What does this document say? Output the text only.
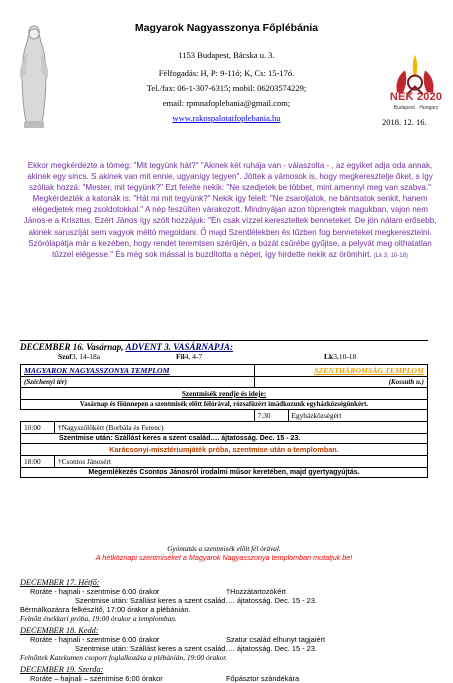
Magyarok Nagyasszonya Főplébánia
1153 Budapest, Bácska u. 3.
Félfogadás: H, P: 9-11ó; K, Cs: 15-17ó.
Tel./fax: 06-1-307-6315; mobil: 06203574229;
email: rpmnafoplebania@gmail.com;
www.rakospalotaifoplebania.hu
NEK 2020
Budapest · Hungary
2018. 12. 16.
Ekkor megkérdezte a tömeg: "Mit tegyünk hát?" "Akinek két ruhája van - válaszolta - , az egyiket adja oda annak, akinek egy sincs. S akinek van mit ennie, ugyanígy tegyen". Jöttek a vámosok is, hogy megkeresztelje őket, s így szóltak hozzá: "Mester, mit tegyünk?" Ezt felelte nekik: "Ne szedjetek be többet, mint amennyi meg van szabva." Megkérdezték a katonák is: "Hát mi mit tegyünk?" Nekik így felelt: "Ne zsaroljatok, ne bántsatok senkit, hanem elégedjetek meg zsoldotokkal." A nép feszülten várakozott. Mindnyájan azon töprengtek magukban, vajon nem János-e a Krisztus. Ezért János így szólt hozzájuk: "Én csak vízzel kereszteltek benneteket. De jön nálam erősebb, akinek saruszíját sem vagyok méltó megoldani. Ő majd Szentlélekben és tűzben fog benneteket megkeresztelni. Szórólapátja már a kezében, hogy rendet teremtsen szérűjén, a búzát csűrébe gyűjtse, a pelyvát meg olthatatlan tűzzel elégesse." És még sok mással is buzdította a népet, így hirdette nekik az örömhírt. (Lk 3, 10-18)
DECEMBER 16. Vasárnap, ADVENT 3. VASÁRNAPJA:
Szof3, 14-18a	Fil4, 4-7	Lk3,10-18
MAGYAROK NAGYASSZONYA TEMPLOM		SZENTHÁROMSÁG TEMPLOM	
(Széchenyi tér)		(Kossuth u.)	
Szentmisék rendje és ideje:			
Vasárnap és főünnepen a szentmisék előtt félórával, rózsafüzért imádkozunk egyházközségünkért.			
		7:30	Egyházközségért
10:00	†Nagyszőlőkért (Borbála és Ferenc)		
Szentmise után: Szállást keres a szent család…. ájtatosság. Dec. 15 - 23.			
Karácsonyi-misztériumjáték próba, szentmise után a templomban.			
18:00	†Csontos Jánosért		
Megemlékezés Csontos Jánosról irodalmi műsor keretében, majd gyertyagyújtás.			
Gyóntatás a szentmisék előtt fél órával.
A hétköznapi szentmiséket a Magyarok Nagyasszonya templomban mutatjuk be!
DECEMBER 17. Hétfő:
Roráte - hajnali - szentmise 6:00 órakor	†Hozzátartozókért
Szentmise után: Szállást keres a szent család…. ájtatosság. Dec. 15 - 23.
Bérmálkozásra felkészítő, 17:00 órakor a plébánián.
Felnőtt énekkari próba, 19:00 órakor a templomban.
DECEMBER 18. Kedd:
Roráte - hajnali - szentmise 6:00 órakor	Szatur család elhunyt tagjaiért
Szentmise után: Szállást keres a szent család…. ájtatosság. Dec. 15 - 23.
Felnőttek Katekumen csoport foglalkozása a plébánián, 19:00 órakor.
DECEMBER 19. Szerda:
Roráte – hajnali – szentmise 6:00 órakor	Főpásztor szándékára
